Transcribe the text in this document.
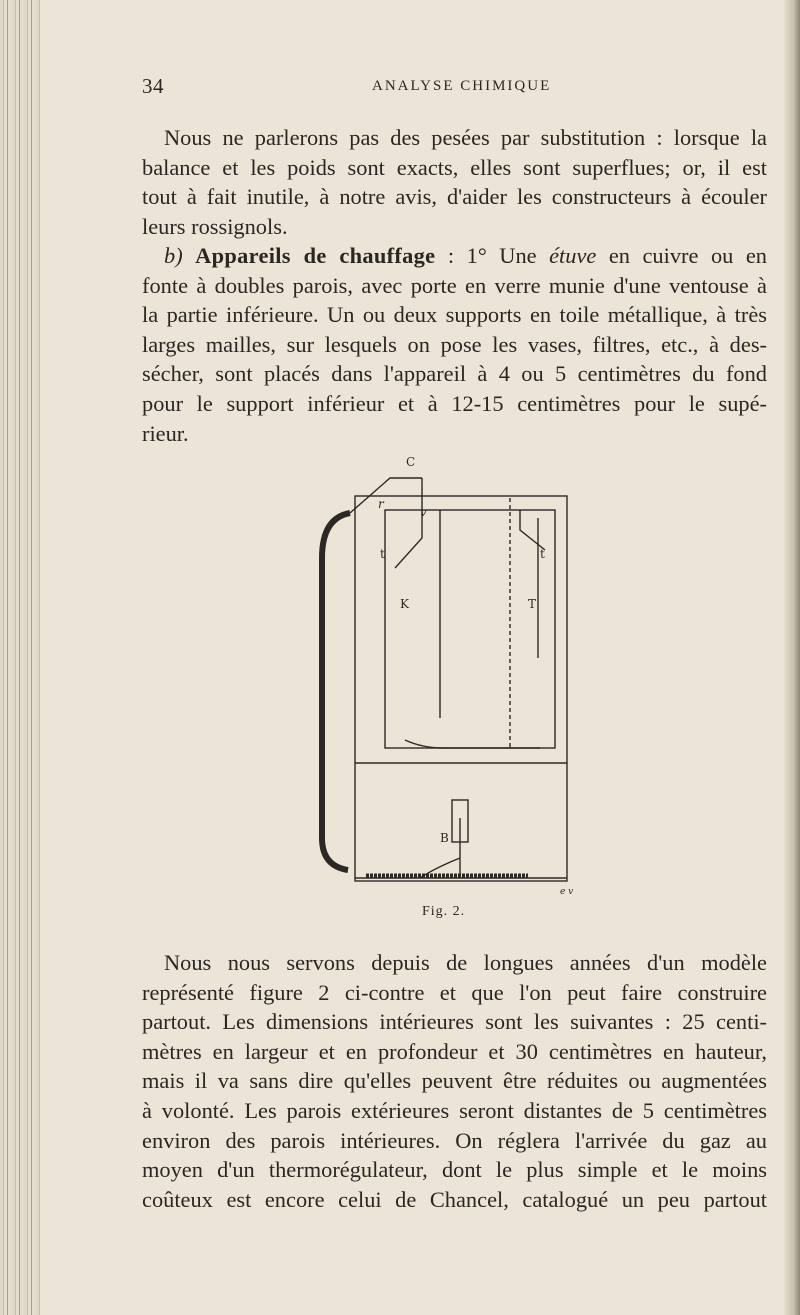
34	ANALYSE CHIMIQUE
Nous ne parlerons pas des pesées par substitution : lorsque la
balance et les poids sont exacts, elles sont superflues; or, il est
tout à fait inutile, à notre avis, d'aider les constructeurs à écouler
leurs rossignols.
b) Appareils de chauffage : 1° Une étuve en cuivre ou en
fonte à doubles parois, avec porte en verre munie d'une ventouse à
la partie inférieure. Un ou deux supports en toile métallique, à très
larges mailles, sur lesquels on pose les vases, filtres, etc., à des-
sécher, sont placés dans l'appareil à 4 ou 5 centimètres du fond
pour le support inférieur et à 12-15 centimètres pour le supé-
rieur.
C
r
v
t	t
K	T
B
e v
Fig. 2.
Nous nous servons depuis de longues années d'un modèle
représenté figure 2 ci-contre et que l'on peut faire construire
partout. Les dimensions intérieures sont les suivantes : 25 centi-
mètres en largeur et en profondeur et 30 centimètres en hauteur,
mais il va sans dire qu'elles peuvent être réduites ou augmentées
à volonté. Les parois extérieures seront distantes de 5 centimètres
environ des parois intérieures. On réglera l'arrivée du gaz au
moyen d'un thermorégulateur, dont le plus simple et le moins
coûteux est encore celui de Chancel, catalogué un peu partout
